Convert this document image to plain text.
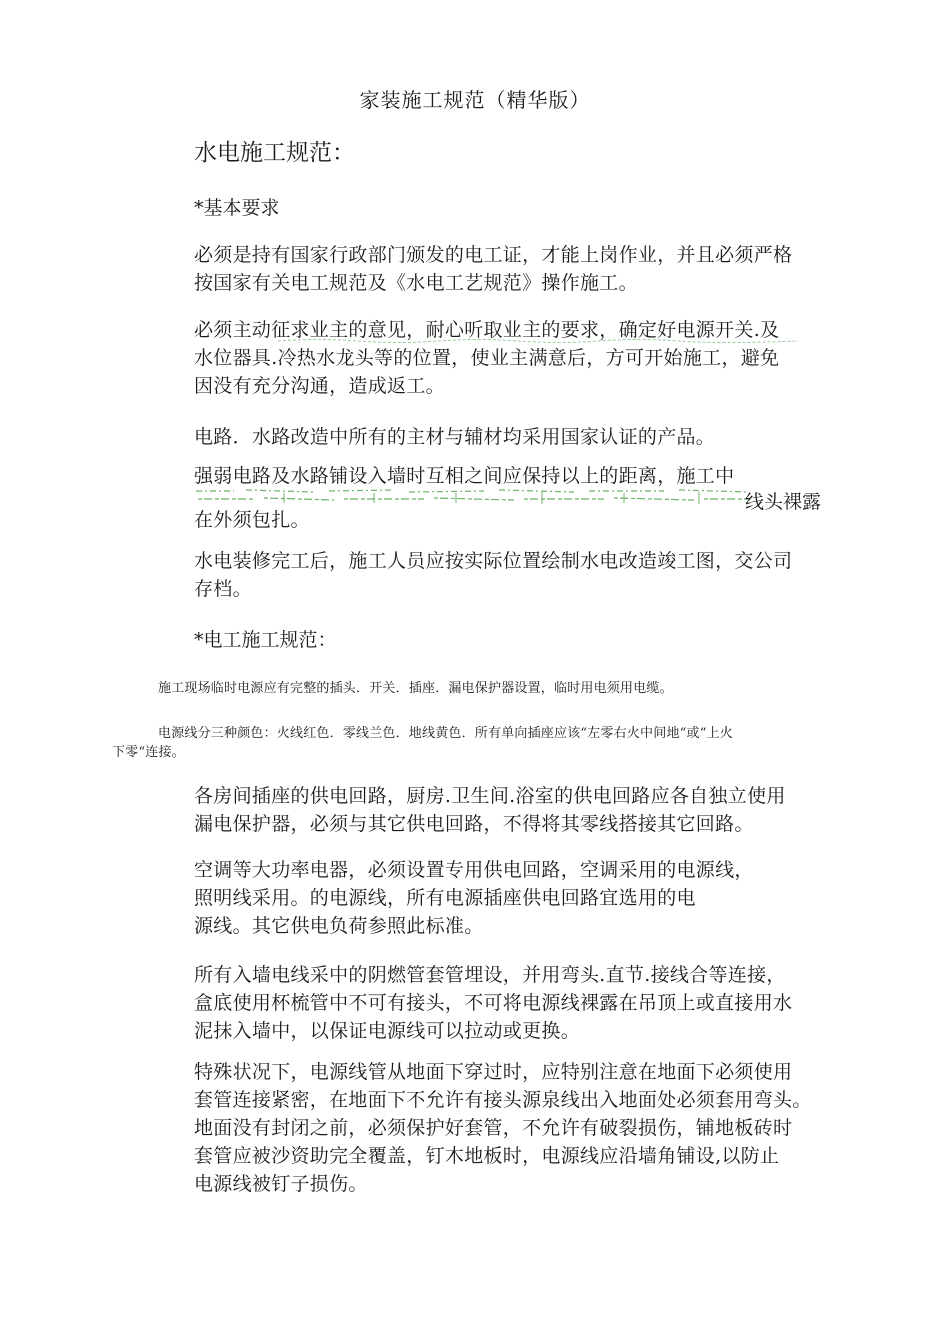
家装施工规范（精华版）
水电施工规范：
*基本要求
必须是持有国家行政部门颁发的电工证，才能上岗作业，并且必须严格
按国家有关电工规范及《水电工艺规范》操作施工。
必须主动征求业主的意见，耐心听取业主的要求，确定好电源开关.及
水位器具.冷热水龙头等的位置，使业主满意后，方可开始施工，避免
因没有充分沟通，造成返工。
电路．水路改造中所有的主材与辅材均采用国家认证的产品。
强弱电路及水路铺设入墙时互相之间应保持以上的距离，施工中
线头裸露
在外须包扎。
水电装修完工后，施工人员应按实际位置绘制水电改造竣工图，交公司
存档。
*电工施工规范：
施工现场临时电源应有完整的插头．开关．插座．漏电保护器设置，临时用电须用电缆。
电源线分三种颜色：火线红色．零线兰色．地线黄色．所有单向插座应该“左零右火中间地“或“上火
下零“连接。
各房间插座的供电回路，厨房.卫生间.浴室的供电回路应各自独立使用
漏电保护器，必须与其它供电回路，不得将其零线搭接其它回路。
空调等大功率电器，必须设置专用供电回路，空调采用的电源线，
照明线采用。的电源线，所有电源插座供电回路宜选用的电
源线。其它供电负荷参照此标准。
所有入墙电线采中的阴燃管套管埋设，并用弯头.直节.接线合等连接，
盒底使用杯梳管中不可有接头，不可将电源线裸露在吊顶上或直接用水
泥抹入墙中，以保证电源线可以拉动或更换。
特殊状况下，电源线管从地面下穿过时，应特别注意在地面下必须使用
套管连接紧密，在地面下不允许有接头源泉线出入地面处必须套用弯头。
地面没有封闭之前，必须保护好套管，不允许有破裂损伤，铺地板砖时
套管应被沙资助完全覆盖，钉木地板时，电源线应沿墙角铺设,以防止
电源线被钉子损伤。
